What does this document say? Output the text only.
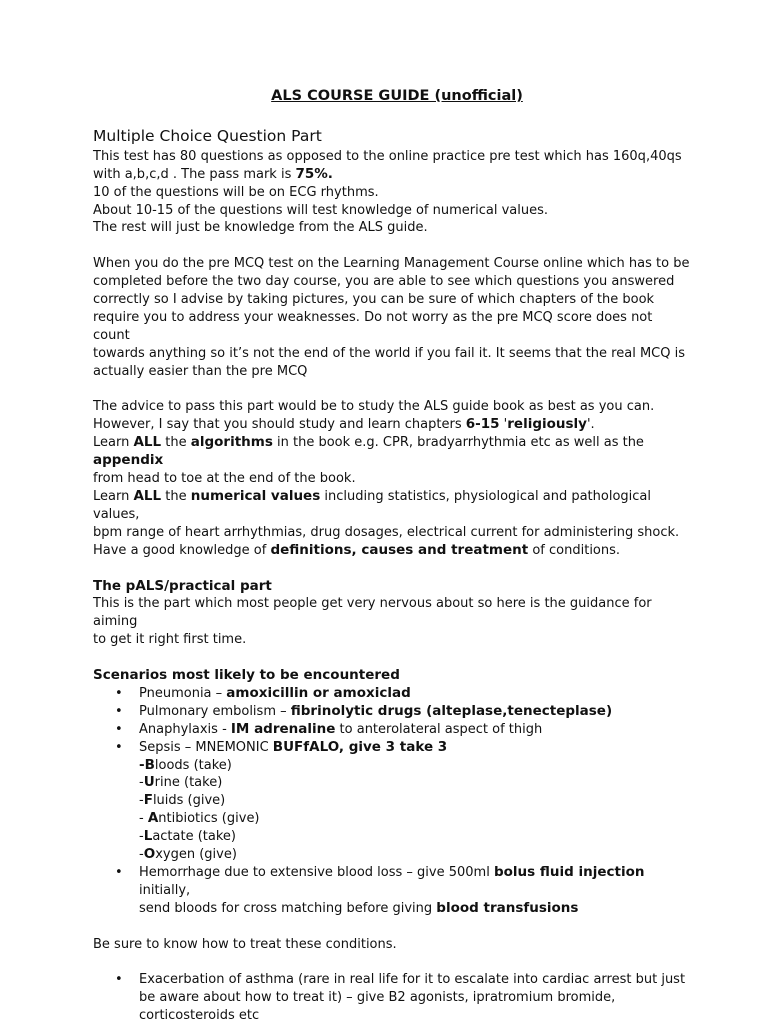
ALS COURSE GUIDE (unofficial)
Multiple Choice Question Part

This test has 80 questions as opposed to the online practice pre test which has 160q,40qs

with a,b,c,d . The pass mark is 75%.

10 of the questions will be on ECG rhythms.

About 10-15 of the questions will test knowledge of numerical values.

The rest will just be knowledge from the ALS guide.

When you do the pre MCQ test on the Learning Management Course online which has to be

completed before the two day course, you are able to see which questions you answered

correctly so I advise by taking pictures, you can be sure of which chapters of the book

require you to address your weaknesses. Do not worry as the pre MCQ score does not count

towards anything so it’s not the end of the world if you fail it. It seems that the real MCQ is

actually easier than the pre MCQ

The advice to pass this part would be to study the ALS guide book as best as you can.

However, I say that you should study and learn chapters 6-15 'religiously'.

Learn ALL the algorithms in the book e.g. CPR, bradyarrhythmia etc as well as the appendix

from head to toe at the end of the book.

Learn ALL the numerical values including statistics, physiological and pathological values,

bpm range of heart arrhythmias, drug dosages, electrical current for administering shock.

Have a good knowledge of definitions, causes and treatment of conditions.

The pALS/practical part

This is the part which most people get very nervous about so here is the guidance for aiming

to get it right first time.

Scenarios most likely to be encountered
• Pneumonia – amoxicillin or amoxiclad
• Pulmonary embolism – fibrinolytic drugs (alteplase,tenecteplase)
• Anaphylaxis - IM adrenaline to anterolateral aspect of thigh
• Sepsis – MNEMONIC BUFfALO, give 3 take 3
-Bloods (take)
-Urine (take)
-Fluids (give)
- Antibiotics (give)
-Lactate (take)
-Oxygen (give)
• Hemorrhage due to extensive blood loss – give 500ml bolus fluid injection initially,
send bloods for cross matching before giving blood transfusions

Be sure to know how to treat these conditions.

• Exacerbation of asthma (rare in real life for it to escalate into cardiac arrest but just
be aware about how to treat it) – give B2 agonists, ipratromium bromide,
corticosteroids etc
